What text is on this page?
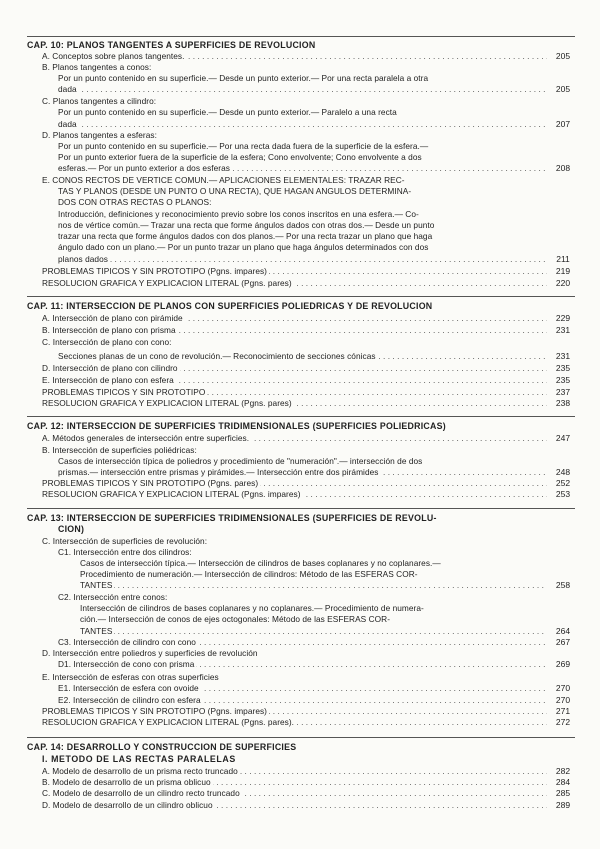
CAP. 10: PLANOS TANGENTES A SUPERFICIES DE REVOLUCION
A. Conceptos sobre planos tangentes. . . .	205
B. Planos tangentes a conos:
Por un punto contenido en su superficie.— Desde un punto exterior.— Por una recta paralela a otra
dada . . .	205
C. Planos tangentes a cilindro:
Por un punto contenido en su superficie.— Desde un punto exterior.— Paralelo a una recta
dada . . .	207
D. Planos tangentes a esferas:
Por un punto contenido en su superficie.— Por una recta dada fuera de la superficie de la esfera.—
Por un punto exterior fuera de la superficie de la esfera; Cono envolvente; Cono envolvente a dos
esferas.— Por un punto exterior a dos esferas . . .	208
E. CONOS RECTOS DE VERTICE COMUN.— APLICACIONES ELEMENTALES: TRAZAR REC-
TAS Y PLANOS (DESDE UN PUNTO O UNA RECTA), QUE HAGAN ANGULOS DETERMINA-
DOS CON OTRAS RECTAS O PLANOS:
Introducción, definiciones y reconocimiento previo sobre los conos inscritos en una esfera.— Co-
nos de vértice común.— Trazar una recta que forme ángulos dados con otras dos.— Desde un punto
trazar una recta que forme ángulos dados con dos planos.— Por una recta trazar un plano que haga
ángulo dado con un plano.— Por un punto trazar un plano que haga ángulos determinados con dos
planos dados . . .	211
PROBLEMAS TIPICOS Y SIN PROTOTIPO (Pgns. impares) . . .	219
RESOLUCION GRAFICA Y EXPLICACION LITERAL (Pgns. pares) . . .	220
CAP. 11: INTERSECCION DE PLANOS CON SUPERFICIES POLIEDRICAS Y DE REVOLUCION
A. Intersección de plano con pirámide . . .	229
B. Intersección de plano con prisma . . .	231
C. Intersección de plano con cono:
Secciones planas de un cono de revolución.— Reconocimiento de secciones cónicas . . .	231
D. Intersección de plano con cilindro . . .	235
E. Intersección de plano con esfera . . .	235
PROBLEMAS TIPICOS Y SIN PROTOTIPO . . .	237
RESOLUCION GRAFICA Y EXPLICACION LITERAL (Pgns. pares) . . .	238
CAP. 12: INTERSECCION DE SUPERFICIES TRIDIMENSIONALES (SUPERFICIES POLIEDRICAS)
A. Métodos generales de intersección entre superficies. . . .	247
B. Intersección de superficies poliédricas:
Casos de intersección típica de poliedros y procedimiento de "numeración".— intersección de dos
prismas.— intersección entre prismas y pirámides.— Intersección entre dos pirámides . . .	248
PROBLEMAS TIPICOS Y SIN PROTOTIPO (Pgns. pares) . . .	252
RESOLUCION GRAFICA Y EXPLICACION LITERAL (Pgns. impares) . . .	253
CAP. 13: INTERSECCION DE SUPERFICIES TRIDIMENSIONALES (SUPERFICIES DE REVOLU-
CION)
C. Intersección de superficies de revolución:
C1. Intersección entre dos cilindros:
Casos de intersección típica.— Intersección de cilindros de bases coplanares y no coplanares.—
Procedimiento de numeración.— Intersección de cilindros: Método de las ESFERAS COR-
TANTES . . .	258
C2. Intersección entre conos:
Intersección de cilindros de bases coplanares y no coplanares.— Procedimiento de numera-
ción.— Intersección de conos de ejes octogonales: Método de las ESFERAS COR-
TANTES . . .	264
C3. Intersección de cilindro con cono . . .	267
D. Intersección entre poliedros y superficies de revolución
D1. Intersección de cono con prisma . . .	269
E. Intersección de esferas con otras superficies
E1. Intersección de esfera con ovoide . . .	270
E2. Intersección de cilindro con esfera . . .	270
PROBLEMAS TIPICOS Y SIN PROTOTIPO (Pgns. impares) . . .	271
RESOLUCION GRAFICA Y EXPLICACION LITERAL (Pgns. pares). . . .	272
CAP. 14: DESARROLLO Y CONSTRUCCION DE SUPERFICIES
I. METODO DE LAS RECTAS PARALELAS
A. Modelo de desarrollo de un prisma recto truncado . . .	282
B. Modelo de desarrollo de un prisma oblicuo . . .	284
C. Modelo de desarrollo de un cilindro recto truncado . . .	285
D. Modelo de desarrollo de un cilindro oblicuo . . .	289
